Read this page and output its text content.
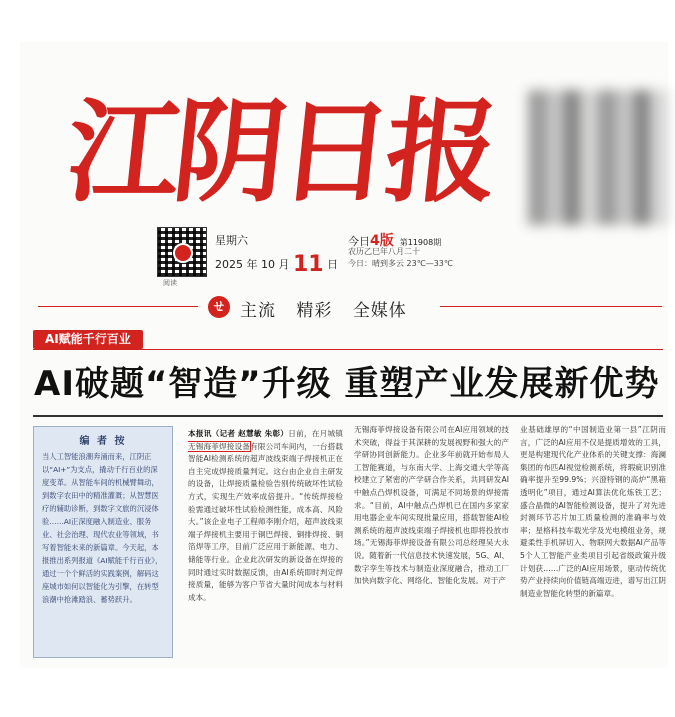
江阴日报
阅读
星期六
2025 年 10 月 11 日
今日4版 第11908期
农历乙巳年八月二十
今日：晴到多云 23℃—33℃
ㄝ 主流 精彩 全媒体
AI赋能千行百业
AI破题“智造”升级 重塑产业发展新优势
编 者 按
当人工智能浪潮奔涌而来，江阴正以“AI+”为支点，撬动千行百业的深度变革。从智能车间的机械臂舞动，到数字农田中的精准灌溉；从智慧医疗的辅助诊断，到数字文旅的沉浸体验……AI正深度融入制造业、服务业、社会治理、现代农业等领域，书写着智能未来的新篇章。今天起，本报推出系列报道《AI赋能千行百业》，通过一个个鲜活的实践案例，解码这座城市如何以智能化为引擎，在转型浪潮中抢滩踏浪、蓄势跃升。
本报讯（记者 赵慧敏 朱彰）日前，在月城镇无锡海菲焊接设备有限公司车间内，一台搭载智能AI检测系统的超声波线束端子焊接机正在自主完成焊接质量判定。这台由企业自主研发的设备，让焊接质量检验告别传统破坏性试验方式，实现生产效率成倍提升。“传统焊接检验需通过破坏性试验检测性能，成本高、风险大。”该企业电子工程师李刚介绍，超声波线束端子焊接机主要用于铜巴焊接、铜排焊接、铜箔焊等工序，目前广泛应用于新能源、电力、储能等行业。企业此次研发的新设备在焊接的同时通过实时数据反馈，由AI系统即时判定焊接质量，能够为客户节省大量时间成本与材料成本。
无锡海菲焊接设备有限公司在AI应用领域的技术突破，得益于其深耕的发展视野和强大的产学研协同创新能力。企业多年前就开始布局人工智能赛道，与东南大学、上海交通大学等高校建立了紧密的产学研合作关系，共同研发AI中触点凸焊机设备，可满足不同场景的焊接需求。“目前，AI中触点凸焊机已在国内多家家用电器企业车间实现批量应用，搭载智能AI检测系统的超声波线束端子焊接机也即将投放市场。”无锡海菲焊接设备有限公司总经理吴大永说。随着新一代信息技术快速发展，5G、AI、数字孪生等技术与制造业深度融合，推动工厂加快向数字化、网络化、智能化发展。对于产
业基础雄厚的“中国制造业第一县”江阴而言，广泛的AI应用不仅是提质增效的工具，更是构建现代化产业体系的关键支撑：海澜集团的布匹AI视觉检测系统，将瑕疵识别准确率提升至99.9%；兴澄特钢的高炉“黑箱透明化”项目，通过AI算法优化炼铁工艺；盛合晶微的AI智能检测设备，提升了对先进封测环节芯片加工质量检测的准确率与效率；星格科技车载光学及光电模组业务，规避柔性手机屏切入、物联网大数据AI产品等5个人工智能产业类项目引起省级政策升级计划获……广泛的AI应用场景，驱动传统优势产业持续向价值链高端迈进，谱写出江阴制造业智能化转型的新篇章。
